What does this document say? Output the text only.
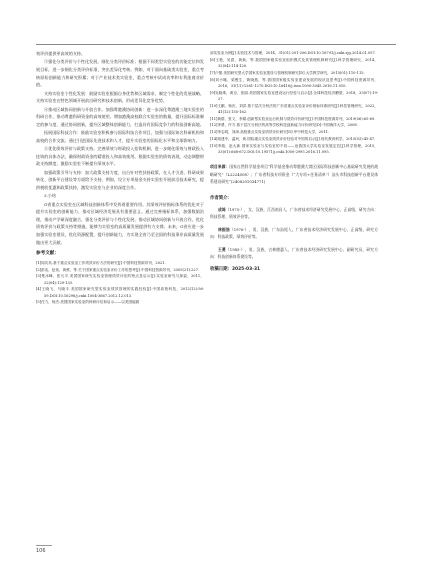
效评价提供更高效的支持。

③强化分类评价与个性化发展。细化分类评价标准；根据不同类型实验室的功能定位和发展目标，进一步细化分类评价标准，突出差异化考核。例如，对于面向基础类实验室，重点考核原始创新能力和研究积累；对于产业技术类实验室，重点考核中试成功率和专利池商业价值。

支持实验室个性化发展：鼓励实验室根据自身优势和区域需求，制定个性化的发展战略。支持实验室在特色领域开展前沿研究和技术创新，形成差异化竞争优势。

④推动区域协同创新与开放合作。加强粤港澳协同创新：进一步深化粤港澳三地实验室的科研合作，推动粤港科研资金的高效使用。增加港澳高校联合实验室的数量，提升国际标准制定的参与度，通过协同创新，提升区域整体创新能力，打造具有国际竞争力的科技创新高地。

拓展国际科技合作：鼓励实验室积极参与国际科技合作项目，加强与国际知名科研机构和高校的合作交流。通过引进国际先进技术和人才，提升实验室的国际化水平和全球影响力。

⑤优化绩效评价与政策支持。完善绩效与财政投入挂钩机制，进一步细化绩效与财政投入挂钩的具体办法，确保财政资金的精准投入和高效使用。根据实验室的绩效表现，动态调整财政支持额度，激励实验室不断提升绩效水平。

加强政策引导与支持：加大政策支持力度，出台针对性扶持政策，在人才引进、科研成果转化、创新平台建设等方面给予支持。例如，设立专项基金支持实验室开展前沿技术研究，提供税收优惠和政策扶持，激发实验室与企业的深度合作。

3.小结

G省重点实验室在区域科技创新体系中发挥着重要作用。其绩效评价指标体系的优化对于提升实验室的创新能力、推动区域经济发展具有重要意义。通过完善指标体系，加强数据治理，推动产学研深度融合，强化分类评价与个性化发展，推动区域协同创新与开放合作，优化绩效评价与政策支持等措施，能够为实验室的高质量发展提供有力支撑。未来，G省应进一步加强实验室建设，优化资源配置，提升创新能力，为实现全省乃至全国的科技事业高质量发展做出更大贡献。

参考文献：
[1]周功英.基于重点实验室工作绩效评价方法的研究[J].中国科技资源导刊，2021.
[2]彭洁，赵伟，黄维，等.关于国家重点实验室评价工作的思考[J].中国科技资源导刊，2005(21):227.
[3]楚冰峰，张凡平.美国国家研究实验室管理绩效评估的特点及启示[J].实验室研究与探索，2011，22(04):129-133.
[4]王晓飞，马晓丰.美国国家研究型实验室绩效管理的实践经验[J].中国高校科技，2012(12):56-59.DOI:10.16298/j.cnki.1004-3667.2012.12.013.
[5]任力，杨杰.美国国家实验室的科研评估和启示——以美国能源
部实验室为例[J].实验技术与管理，2014，31(01):201-206.DOI:10.16791/j.cnki.sjg.2014.01.057.
[6]王艳，吴碧，黄新，等.我国国家级实验室组织模式及其管理机制研究[J].科学管理研究，2014，32(04):114-120.
[7]卢蕾.美国研究型大学国家实验室建设与管理机制研究[D].大学教学研究，2015(01):110-115.
[8]刘小娜，梁俊生，黄晓燕，等.我国国家级实验室建设发展的现状及思考[J].中国科技资源导刊，2016，31(11):1261-1270.DOI:10.16418/j.issn.1000-3045.2016.11.010.
[9]吴晓珠，黄京，张丽.美国国家实验室建设运行经验与启示[J].全球科技经济瞭望，2018，33(07):19-27.
[10]王鹏，杨庆，刘洪.基于层次分析法的广东省重点实验室评价指标体系研究[J].科技管理研究，2022，41(12):155-162.
[11]黄群，张义，李娟.创新型实验室运行机制与绩效评价研究[J].中国科技资源导刊，2019(06):65-69.
[12]李勇，许方.基于层次分析法的高等学校科技创新能力评价研究[D].中国海洋大学，2008.
[13]李志明，刘涛.高校重点实验室绩效评价研究[D].华中科技大学，2011.
[14]周建中，温珂，黄.国际重点实验室绩效评价经验对中国的启示[J].现代教育科学，2015(03):45-47.
[15]李瑞，赵大新.国家实验室与实验室的不同——论我国大学实验室发展定位[J].科学管理，2015，33(01):668-672.DOI:10.19571/j.cnki.1000-2995.2016.11.095.
项目来源：国家自然科学基金项目“科学基金推动粤港澳大湾区国际科技创新中心基础研究发展的战略研究”（L2224008）；广东省科技专项资金（“大专项+任务清单”）汕头市科技创新平台建设体系建设研究“(2408201034771)
作者简介：
成绮（1975-），女，汉族，江西南昌人，广东省技术经济研究发展中心，正高级，研究方向：科技管理、绩效评价等。
林振浩（1976-），男，汉族，广东汕尾人，广东省技术经济研究发展中心，正高级，研究方向：科技政策、绩效评价等。
王勇（1985-），男，汉族，吉林德惠人，广东省技术经济研究发展中心，副研究员，研究方向：科技创新体系建设等。
收稿日期：2025-03-31
106
